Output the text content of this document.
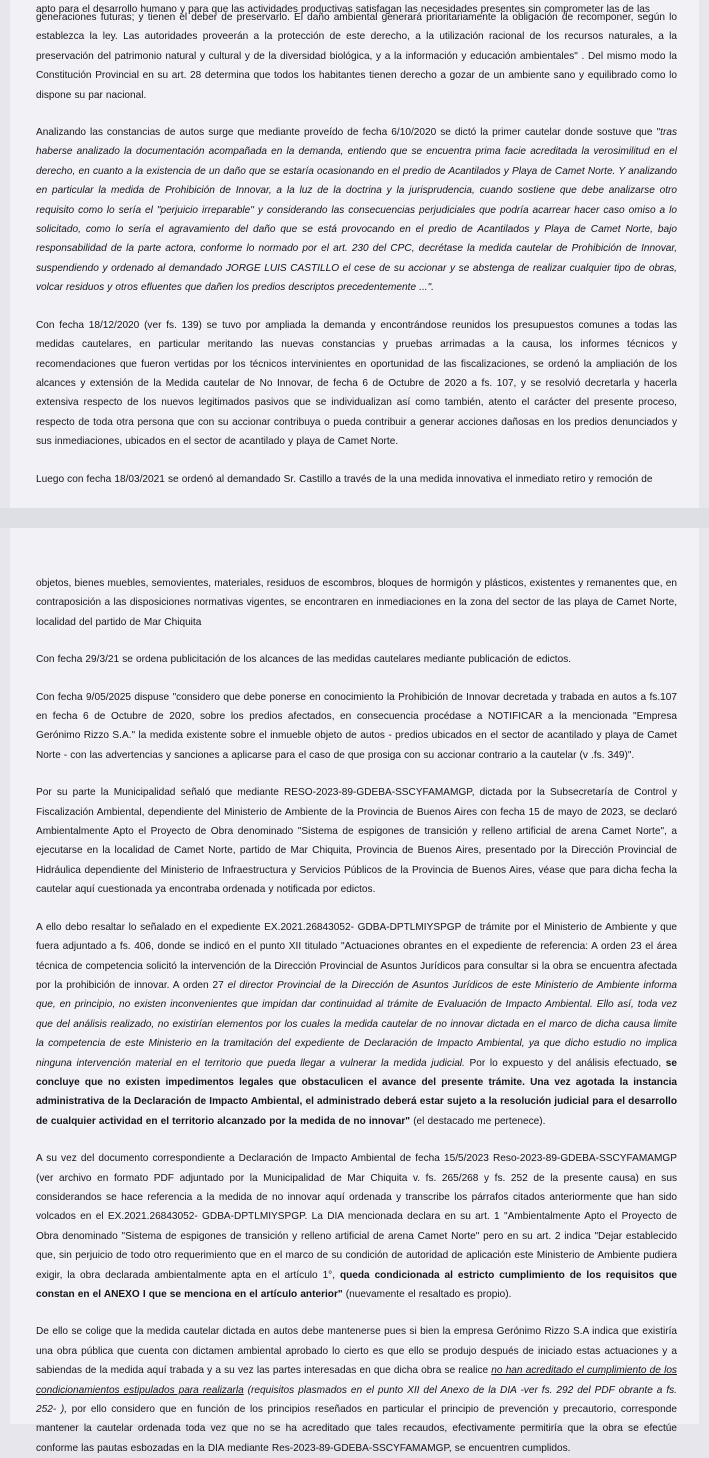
apto para el desarrollo humano y para que las actividades productivas satisfagan las necesidades presentes sin comprometer las de las

generaciones futuras; y tienen el deber de preservarlo. El daño ambiental generará prioritariamente la obligación de recomponer, según lo establezca la ley. Las autoridades proveerán a la protección de este derecho, a la utilización racional de los recursos naturales, a la preservación del patrimonio natural y cultural y de la diversidad biológica, y a la información y educación ambientales" . Del mismo modo la Constitución Provincial en su art. 28 determina que todos los habitantes tienen derecho a gozar de un ambiente sano y equilibrado como lo dispone su par nacional.

Analizando las constancias de autos surge que mediante proveído de fecha 6/10/2020 se dictó la primer cautelar donde sostuve que "tras haberse analizado la documentación acompañada en la demanda, entiendo que se encuentra prima facie acreditada la verosimilitud en el derecho, en cuanto a la existencia de un daño que se estaría ocasionando en el predio de Acantilados y Playa de Camet Norte. Y analizando en particular la medida de Prohibición de Innovar, a la luz de la doctrina y la jurisprudencia, cuando sostiene que debe analizarse otro requisito como lo sería el "perjuicio irreparable" y considerando las consecuencias perjudiciales que podría acarrear hacer caso omiso a lo solicitado, como lo sería el agravamiento del daño que se está provocando en el predio de Acantilados y Playa de Camet Norte, bajo responsabilidad de la parte actora, conforme lo normado por el art. 230 del CPC, decrétase la medida cautelar de Prohibición de Innovar, suspendiendo y ordenado al demandado JORGE LUIS CASTILLO el cese de su accionar y se abstenga de realizar cualquier tipo de obras, volcar residuos y otros efluentes que dañen los predios descriptos precedentemente ...".

Con fecha 18/12/2020 (ver fs. 139) se tuvo por ampliada la demanda y encontrándose reunidos los presupuestos comunes a todas las medidas cautelares, en particular meritando las nuevas constancias y pruebas arrimadas a la causa, los informes técnicos y recomendaciones que fueron vertidas por los técnicos intervinientes en oportunidad de las fiscalizaciones, se ordenó la ampliación de los alcances y extensión de la Medida cautelar de No Innovar, de fecha 6 de Octubre de 2020 a fs. 107, y se resolvió decretarla y hacerla extensiva respecto de los nuevos legitimados pasivos que se individualizan así como también, atento el carácter del presente proceso, respecto de toda otra persona que con su accionar contribuya o pueda contribuir a generar acciones dañosas en los predios denunciados y sus inmediaciones, ubicados en el sector de acantilado y playa de Camet Norte.

Luego con fecha 18/03/2021 se ordenó al demandado Sr. Castillo a través de la una medida innovativa el inmediato retiro y remoción de

objetos, bienes muebles, semovientes, materiales, residuos de escombros, bloques de hormigón y plásticos, existentes y remanentes que, en contraposición a las disposiciones normativas vigentes, se encontraren en inmediaciones en la zona del sector de las playa de Camet Norte, localidad del partido de Mar Chiquita

Con fecha 29/3/21 se ordena publicitación de los alcances de las medidas cautelares mediante publicación de edictos.

Con fecha 9/05/2025 dispuse "considero que debe ponerse en conocimiento la Prohibición de Innovar decretada y trabada en autos a fs.107 en fecha 6 de Octubre de 2020, sobre los predios afectados, en consecuencia procédase a NOTIFICAR a la mencionada "Empresa Gerónimo Rizzo S.A." la medida existente sobre el inmueble objeto de autos - predios ubicados en el sector de acantilado y playa de Camet Norte - con las advertencias y sanciones a aplicarse para el caso de que prosiga con su accionar contrario a la cautelar (v .fs. 349)".

Por su parte la Municipalidad señaló que mediante RESO-2023-89-GDEBA-SSCYFAMAMGP, dictada por la Subsecretaría de Control y Fiscalización Ambiental, dependiente del Ministerio de Ambiente de la Provincia de Buenos Aires con fecha 15 de mayo de 2023, se declaró Ambientalmente Apto el Proyecto de Obra denominado "Sistema de espigones de transición y relleno artificial de arena Camet Norte", a ejecutarse en la localidad de Camet Norte, partido de Mar Chiquita, Provincia de Buenos Aires, presentado por la Dirección Provincial de Hidráulica dependiente del Ministerio de Infraestructura y Servicios Públicos de la Provincia de Buenos Aires, véase que para dicha fecha la cautelar aquí cuestionada ya encontraba ordenada y notificada por edictos.

A ello debo resaltar lo señalado en el expediente EX.2021.26843052- GDBA-DPTLMIYSPGP de trámite por el Ministerio de Ambiente y que fuera adjuntado a fs. 406, donde se indicó en el punto XII titulado "Actuaciones obrantes en el expediente de referencia: A orden 23 el área técnica de competencia solicitó la intervención de la Dirección Provincial de Asuntos Jurídicos para consultar si la obra se encuentra afectada por la prohibición de innovar. A orden 27 el director Provincial de la Dirección de Asuntos Jurídicos de este Ministerio de Ambiente informa que, en principio, no existen inconvenientes que impidan dar continuidad al trámite de Evaluación de Impacto Ambiental. Ello así, toda vez que del análisis realizado, no existirían elementos por los cuales la medida cautelar de no innovar dictada en el marco de dicha causa limite la competencia de este Ministerio en la tramitación del expediente de Declaración de Impacto Ambiental, ya que dicho estudio no implica ninguna intervención material en el territorio que pueda llegar a vulnerar la medida judicial. Por lo expuesto y del análisis efectuado, se concluye que no existen impedimentos legales que obstaculicen el avance del presente trámite. Una vez agotada la instancia administrativa de la Declaración de Impacto Ambiental, el administrado deberá estar sujeto a la resolución judicial para el desarrollo de cualquier actividad en el territorio alcanzado por la medida de no innovar" (el destacado me pertenece).

A su vez del documento correspondiente a Declaración de Impacto Ambiental de fecha 15/5/2023 Reso-2023-89-GDEBA-SSCYFAMAMGP (ver archivo en formato PDF adjuntado por la Municipalidad de Mar Chiquita v. fs. 265/268 y fs. 252 de la presente causa) en sus considerandos se hace referencia a la medida de no innovar aquí ordenada y transcribe los párrafos citados anteriormente que han sido volcados en el EX.2021.26843052- GDBA-DPTLMIYSPGP. La DIA mencionada declara en su art. 1 "Ambientalmente Apto el Proyecto de Obra denominado "Sistema de espigones de transición y relleno artificial de arena Camet Norte" pero en su art. 2 indica "Dejar establecido que, sin perjuicio de todo otro requerimiento que en el marco de su condición de autoridad de aplicación este Ministerio de Ambiente pudiera exigir, la obra declarada ambientalmente apta en el artículo 1°, queda condicionada al estricto cumplimiento de los requisitos que constan en el ANEXO I que se menciona en el artículo anterior" (nuevamente el resaltado es propio).

De ello se colige que la medida cautelar dictada en autos debe mantenerse pues si bien la empresa Gerónimo Rizzo S.A indica que existiría una obra pública que cuenta con dictamen ambiental aprobado lo cierto es que ello se produjo después de iniciado estas actuaciones y a sabiendas de la medida aquí trabada y a su vez las partes interesadas en que dicha obra se realice no han acreditado el cumplimiento de los condicionamientos estipulados para realizarla (requisitos plasmados en el punto XII del Anexo de la DIA -ver fs. 292 del PDF obrante a fs. 252- ), por ello considero que en función de los principios reseñados en particular el principio de prevención y precautorio, corresponde mantener la cautelar ordenada toda vez que no se ha acreditado que tales recaudos, efectivamente permitiría que la obra se efectúe conforme las pautas esbozadas en la DIA mediante Res-2023-89-GDEBA-SSCYFAMAMGP, se encuentren cumplidos.
